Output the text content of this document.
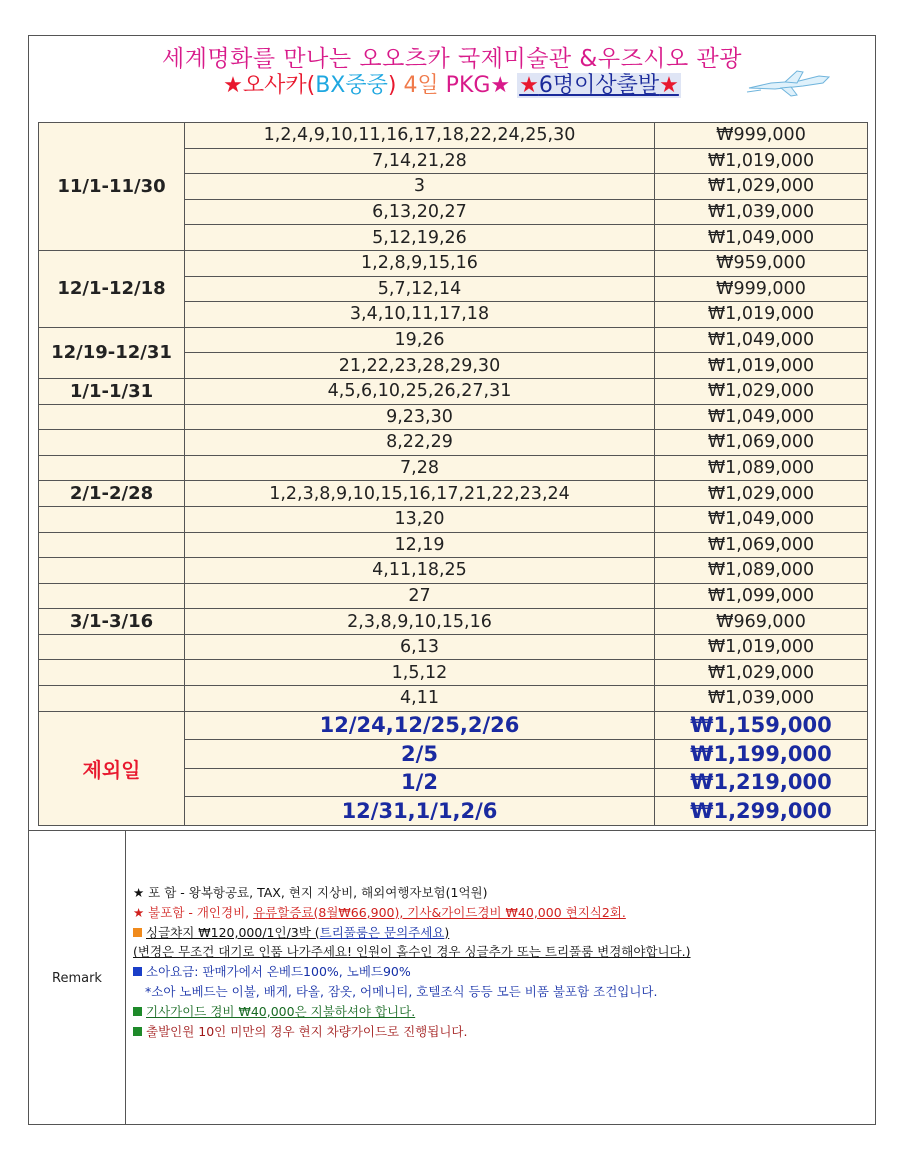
세계명화를 만나는 오오츠카 국제미술관 &우즈시오 관광
★오사카(BX중중) 4일 PKG★ ★6명이상출발★
11/1-11/30	1,2,4,9,10,11,16,17,18,22,24,25,30	₩999,000
	7,14,21,28	₩1,019,000
	3	₩1,029,000
	6,13,20,27	₩1,039,000
	5,12,19,26	₩1,049,000
12/1-12/18	1,2,8,9,15,16	₩959,000
	5,7,12,14	₩999,000
	3,4,10,11,17,18	₩1,019,000
12/19-12/31	19,26	₩1,049,000
	21,22,23,28,29,30	₩1,019,000
1/1-1/31	4,5,6,10,25,26,27,31	₩1,029,000
	9,23,30	₩1,049,000
	8,22,29	₩1,069,000
	7,28	₩1,089,000
2/1-2/28	1,2,3,8,9,10,15,16,17,21,22,23,24	₩1,029,000
	13,20	₩1,049,000
	12,19	₩1,069,000
	4,11,18,25	₩1,089,000
	27	₩1,099,000
3/1-3/16	2,3,8,9,10,15,16	₩969,000
	6,13	₩1,019,000
	1,5,12	₩1,029,000
	4,11	₩1,039,000
제외일	12/24,12/25,2/26	₩1,159,000
	2/5	₩1,199,000
	1/2	₩1,219,000
	12/31,1/1,2/6	₩1,299,000
Remark
★ 포 함 - 왕복항공료, TAX, 현지 지상비, 해외여행자보험(1억원)
★ 불포함 - 개인경비, 유류할증료(8월₩66,900), 기사&가이드경비 ₩40,000 현지식2회.
싱글챠지 ₩120,000/1인/3박 (트리풀룸은 문의주세요)
(변경은 무조건 대기로 인품 나가주세요! 인원이 홀수인 경우 싱글추가 또는 트리풀룸 변경해야합니다.)
소아요금: 판매가에서 온베드100%, 노베드90%
*소아 노베드는 이불, 배게, 타올, 잠옷, 어메니티, 호텔조식 등등 모든 비품 불포함 조건입니다.
기사가이드 경비 ₩40,000은 지불하셔야 합니다.
출발인원 10인 미만의 경우 현지 차량가이드로 진행됩니다.
